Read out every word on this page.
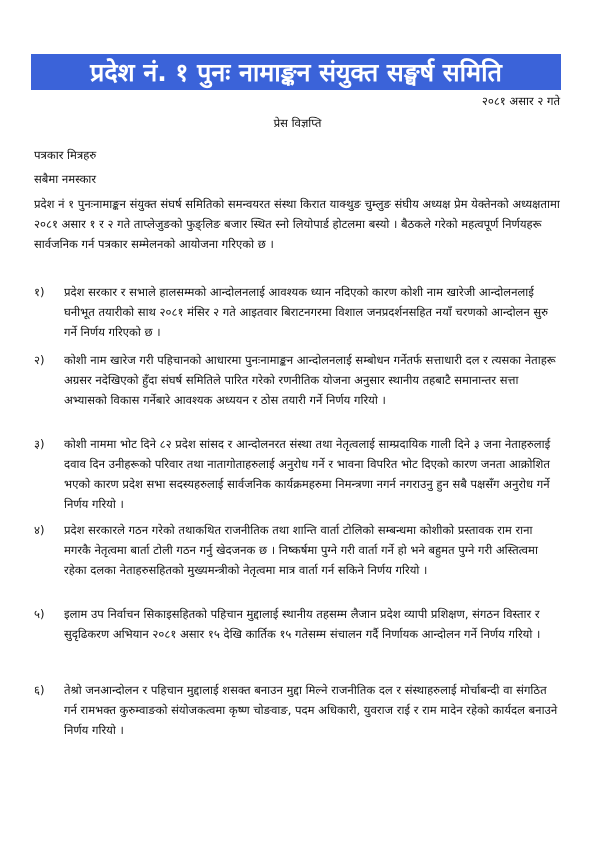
प्रदेश नं. १ पुनः नामाङ्कन संयुक्त सङ्घर्ष समिति
२०८१ असार २ गते
प्रेस विज्ञप्ति
पत्रकार मित्रहरु
सबैमा नमस्कार

प्रदेश नं १ पुनःनामाङ्कन संयुक्त संघर्ष समितिको समन्वयरत संस्था किरात याक्थुङ चुम्लुङ संघीय अध्यक्ष प्रेम येक्तेनको अध्यक्षतामा २०८१ असार १ र २ गते ताप्लेजुङको फुङ्लिङ बजार स्थित स्नो लियोपार्ड होटलमा बस्यो । बैठकले गरेको महत्वपूर्ण निर्णयहरू सार्वजनिक गर्न पत्रकार सम्मेलनको आयोजना गरिएको छ ।

१)	प्रदेश सरकार र सभाले हालसम्मको आन्दोलनलाई आवश्यक ध्यान नदिएको कारण कोशी नाम खारेजी आन्दोलनलाई घनीभूत तयारीको साथ २०८१ मंसिर २ गते आइतवार बिराटनगरमा विशाल जनप्रदर्शनसहित नयाँ चरणको आन्दोलन सुरु गर्ने निर्णय गरिएको छ ।
२)	कोशी नाम खारेज गरी पहिचानको आधारमा पुनःनामाङ्कन आन्दोलनलाई सम्बोधन गर्नेतर्फ सत्ताधारी दल र त्यसका नेताहरू अग्रसर नदेखिएको हुँदा संघर्ष समितिले पारित गरेको रणनीतिक योजना अनुसार स्थानीय तहबाटै समानान्तर सत्ता अभ्यासको विकास गर्नेबारे आवश्यक अध्ययन र ठोस तयारी गर्ने निर्णय गरियो ।
३)	कोशी नाममा भोट दिने ८२ प्रदेश सांसद र आन्दोलनरत संस्था तथा नेतृत्वलाई साम्प्रदायिक गाली दिने ३ जना नेताहरुलाई दवाव दिन उनीहरूको परिवार तथा नातागोताहरुलाई अनुरोध गर्ने र भावना विपरित भोट दिएको कारण जनता आक्रोशित भएको कारण प्रदेश सभा सदस्यहरुलाई सार्वजनिक कार्यक्रमहरुमा निमन्त्रणा नगर्न नगराउनु हुन सबै पक्षसँग अनुरोध गर्ने निर्णय गरियो ।
४)	प्रदेश सरकारले गठन गरेको तथाकथित राजनीतिक तथा शान्ति वार्ता टोलिको सम्बन्धमा कोशीको प्रस्तावक राम राना मगरकै नेतृत्वमा बार्ता टोली गठन गर्नु खेदजनक छ । निष्कर्षमा पुग्ने गरी वार्ता गर्ने हो भने बहुमत पुग्ने गरी अस्तित्वमा रहेका दलका नेताहरुसहितको मुख्यमन्त्रीको नेतृत्वमा मात्र वार्ता गर्न सकिने निर्णय गरियो ।
५)	इलाम उप निर्वाचन सिकाइसहितको पहिचान मुद्दालाई स्थानीय तहसम्म लैजान प्रदेश व्यापी प्रशिक्षण, संगठन विस्तार र सुदृढिकरण अभियान २०८१ असार १५ देखि कार्तिक १५ गतेसम्म संचालन गर्दै निर्णायक आन्दोलन गर्ने निर्णय गरियो ।
६)	तेश्रो जनआन्दोलन र पहिचान मुद्दालाई शसक्त बनाउन मुद्दा मिल्ने राजनीतिक दल र संस्थाहरुलाई मोर्चाबन्दी वा संगठित गर्न रामभक्त कुरुम्वाङको संयोजकत्वमा कृष्ण चोङवाङ, पदम अधिकारी, युवराज राई र राम मादेन रहेको कार्यदल बनाउने निर्णय गरियो ।
